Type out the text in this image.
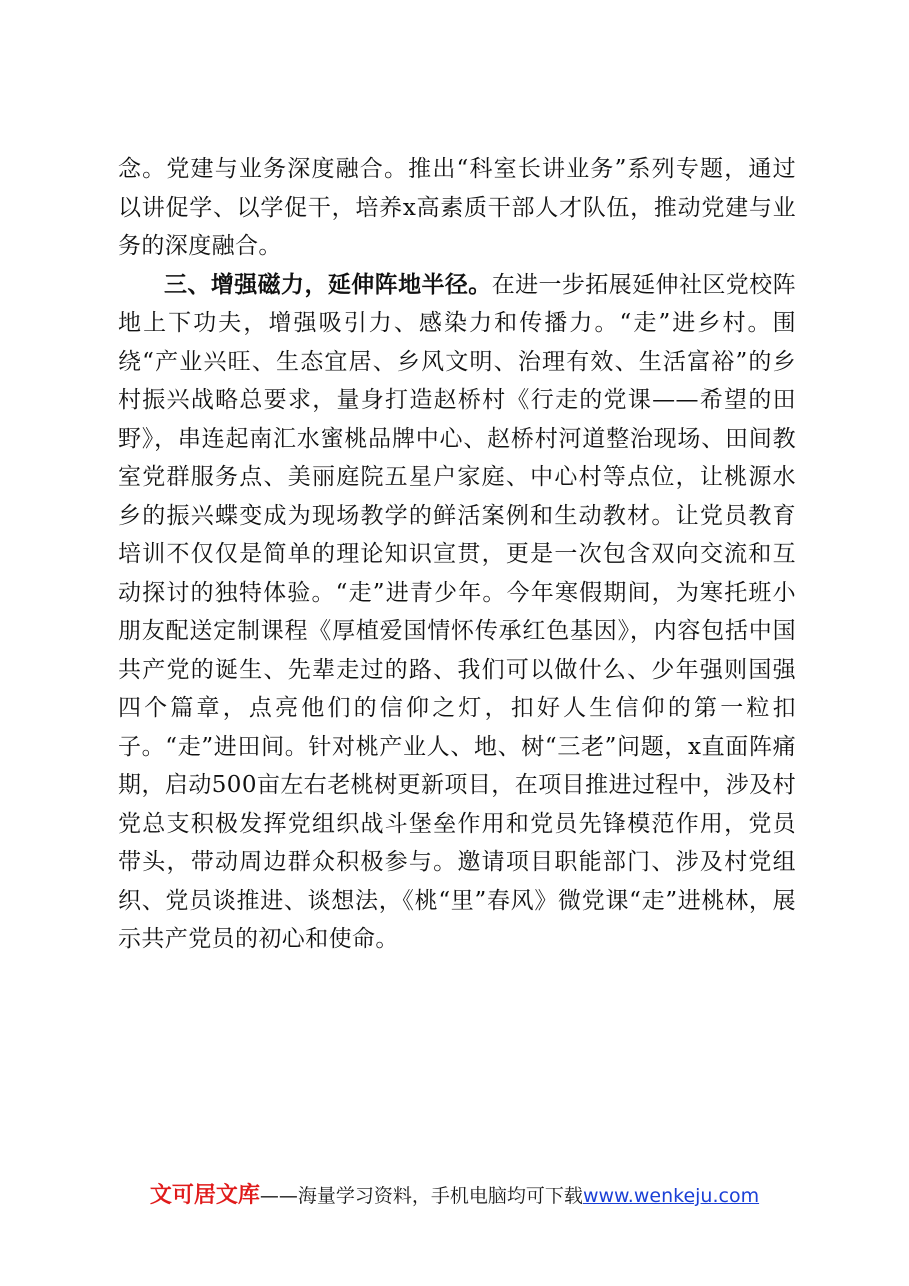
念。党建与业务深度融合。推出“科室长讲业务”系列专题，通过以讲促学、以学促干，培养x高素质干部人才队伍，推动党建与业务的深度融合。

三、增强磁力，延伸阵地半径。在进一步拓展延伸社区党校阵地上下功夫，增强吸引力、感染力和传播力。“走”进乡村。围绕“产业兴旺、生态宜居、乡风文明、治理有效、生活富裕”的乡村振兴战略总要求，量身打造赵桥村《行走的党课——希望的田野》，串连起南汇水蜜桃品牌中心、赵桥村河道整治现场、田间教室党群服务点、美丽庭院五星户家庭、中心村等点位，让桃源水乡的振兴蝶变成为现场教学的鲜活案例和生动教材。让党员教育培训不仅仅是简单的理论知识宣贯，更是一次包含双向交流和互动探讨的独特体验。“走”进青少年。今年寒假期间，为寒托班小朋友配送定制课程《厚植爱国情怀传承红色基因》，内容包括中国共产党的诞生、先辈走过的路、我们可以做什么、少年强则国强四个篇章，点亮他们的信仰之灯，扣好人生信仰的第一粒扣子。“走”进田间。针对桃产业人、地、树“三老”问题，x直面阵痛期，启动500亩左右老桃树更新项目，在项目推进过程中，涉及村党总支积极发挥党组织战斗堡垒作用和党员先锋模范作用，党员带头，带动周边群众积极参与。邀请项目职能部门、涉及村党组织、党员谈推进、谈想法，《桃“里”春风》微党课“走”进桃林，展示共产党员的初心和使命。

文可居文库——海量学习资料，手机电脑均可下载www.wenkeju.com
